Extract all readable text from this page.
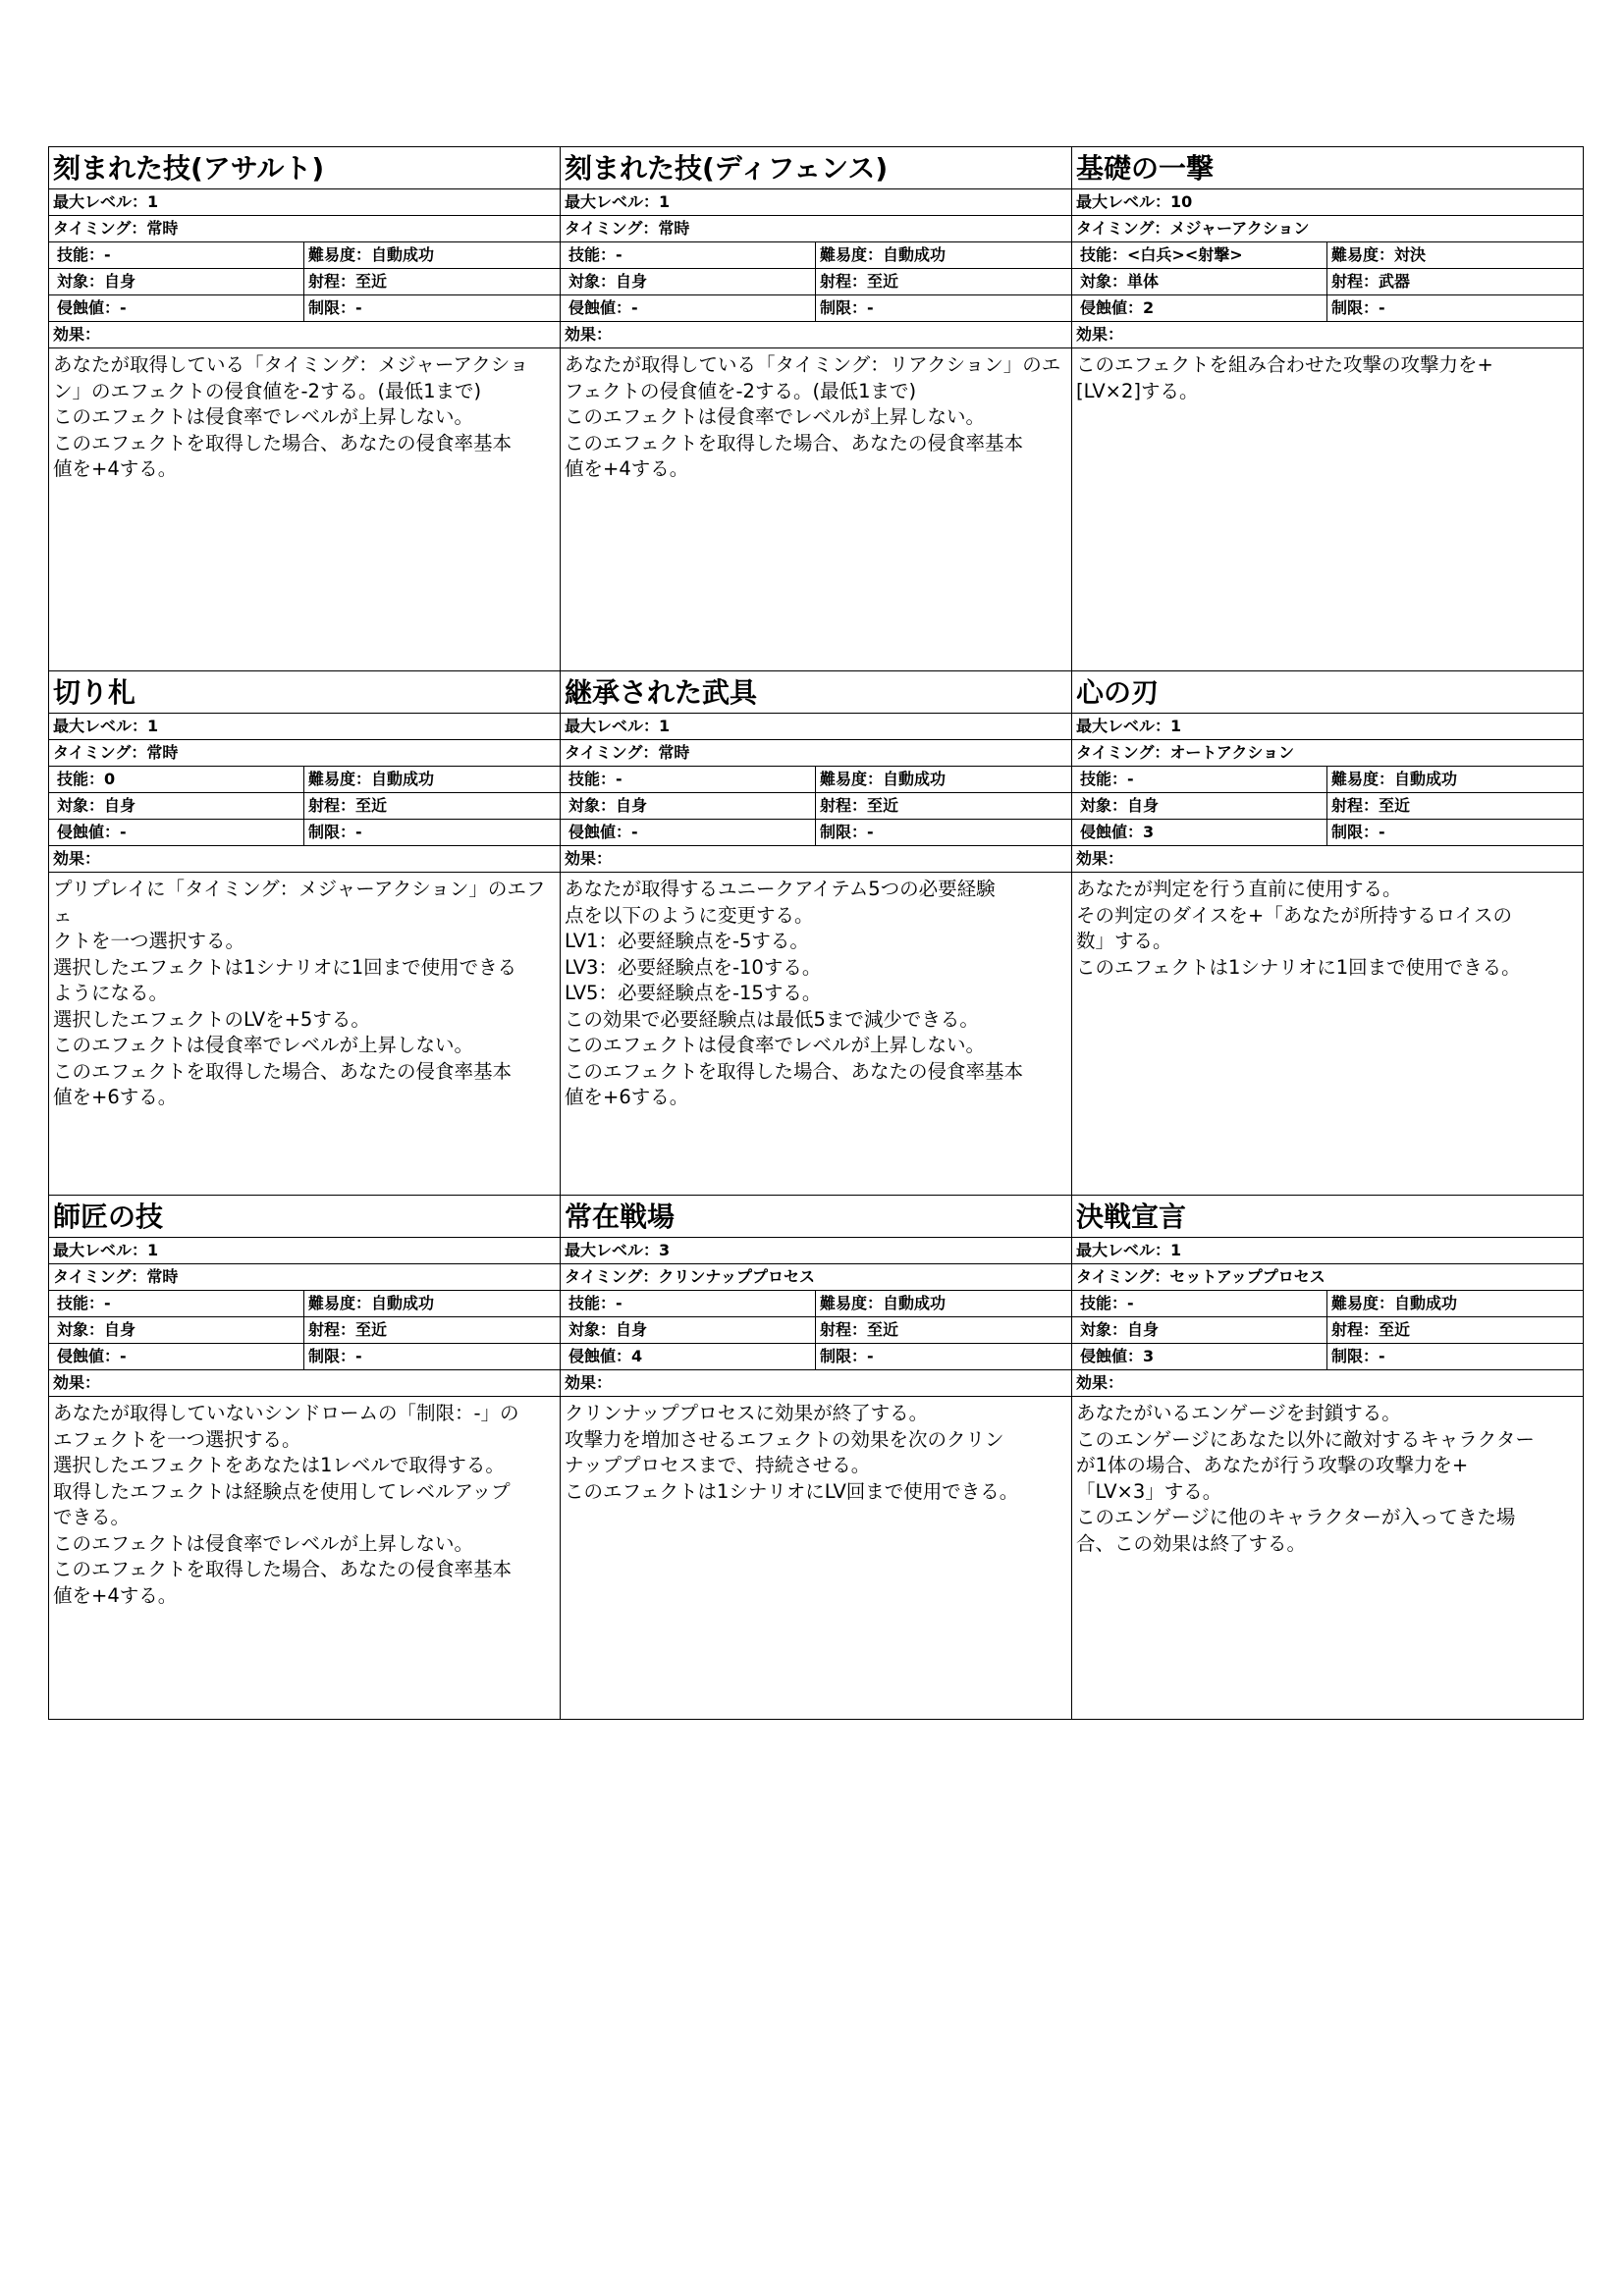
刻まれた技(アサルト)
最大レベル：1
タイミング：常時
技能：-	難易度：自動成功
対象：自身	射程：至近
侵蝕値：-	制限：-
効果：
あなたが取得している「タイミング：メジャーアクショ
ン」のエフェクトの侵食値を-2する。(最低1まで)
このエフェクトは侵食率でレベルが上昇しない。
このエフェクトを取得した場合、あなたの侵食率基本
値を+4する。
刻まれた技(ディフェンス)
最大レベル：1
タイミング：常時
技能：-	難易度：自動成功
対象：自身	射程：至近
侵蝕値：-	制限：-
効果：
あなたが取得している「タイミング：リアクション」のエ
フェクトの侵食値を-2する。(最低1まで)
このエフェクトは侵食率でレベルが上昇しない。
このエフェクトを取得した場合、あなたの侵食率基本
値を+4する。
基礎の一撃
最大レベル：10
タイミング：メジャーアクション
技能：<白兵><射撃>	難易度：対決
対象：単体	射程：武器
侵蝕値：2	制限：-
効果：
このエフェクトを組み合わせた攻撃の攻撃力を+
[LV×2]する。
切り札
最大レベル：1
タイミング：常時
技能：0	難易度：自動成功
対象：自身	射程：至近
侵蝕値：-	制限：-
効果：
プリプレイに「タイミング：メジャーアクション」のエフェ
クトを一つ選択する。
選択したエフェクトは1シナリオに1回まで使用できる
ようになる。
選択したエフェクトのLVを+5する。
このエフェクトは侵食率でレベルが上昇しない。
このエフェクトを取得した場合、あなたの侵食率基本
値を+6する。
継承された武具
最大レベル：1
タイミング：常時
技能：-	難易度：自動成功
対象：自身	射程：至近
侵蝕値：-	制限：-
効果：
あなたが取得するユニークアイテム5つの必要経験
点を以下のように変更する。
LV1：必要経験点を-5する。
LV3：必要経験点を-10する。
LV5：必要経験点を-15する。
この効果で必要経験点は最低5まで減少できる。
このエフェクトは侵食率でレベルが上昇しない。
このエフェクトを取得した場合、あなたの侵食率基本
値を+6する。
心の刃
最大レベル：1
タイミング：オートアクション
技能：-	難易度：自動成功
対象：自身	射程：至近
侵蝕値：3	制限：-
効果：
あなたが判定を行う直前に使用する。
その判定のダイスを+「あなたが所持するロイスの
数」する。
このエフェクトは1シナリオに1回まで使用できる。
師匠の技
最大レベル：1
タイミング：常時
技能：-	難易度：自動成功
対象：自身	射程：至近
侵蝕値：-	制限：-
効果：
あなたが取得していないシンドロームの「制限：-」の
エフェクトを一つ選択する。
選択したエフェクトをあなたは1レベルで取得する。
取得したエフェクトは経験点を使用してレベルアップ
できる。
このエフェクトは侵食率でレベルが上昇しない。
このエフェクトを取得した場合、あなたの侵食率基本
値を+4する。
常在戦場
最大レベル：3
タイミング：クリンナッププロセス
技能：-	難易度：自動成功
対象：自身	射程：至近
侵蝕値：4	制限：-
効果：
クリンナッププロセスに効果が終了する。
攻撃力を増加させるエフェクトの効果を次のクリン
ナッププロセスまで、持続させる。
このエフェクトは1シナリオにLV回まで使用できる。
決戦宣言
最大レベル：1
タイミング：セットアッププロセス
技能：-	難易度：自動成功
対象：自身	射程：至近
侵蝕値：3	制限：-
効果：
あなたがいるエンゲージを封鎖する。
このエンゲージにあなた以外に敵対するキャラクター
が1体の場合、あなたが行う攻撃の攻撃力を+
「LV×3」する。
このエンゲージに他のキャラクターが入ってきた場
合、この効果は終了する。
